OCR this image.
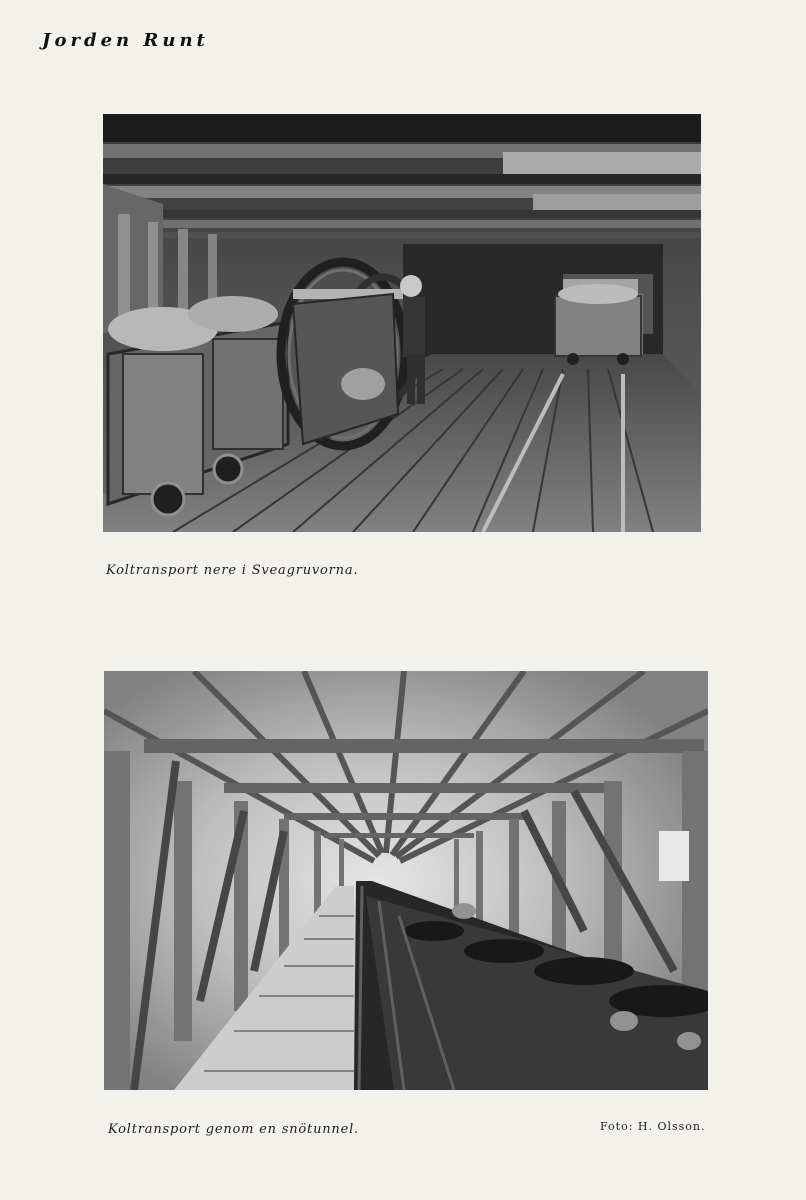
Jorden Runt
Koltransport nere i Sveagruvorna.
Koltransport genom en snötunnel.	Foto: H. Olsson.
